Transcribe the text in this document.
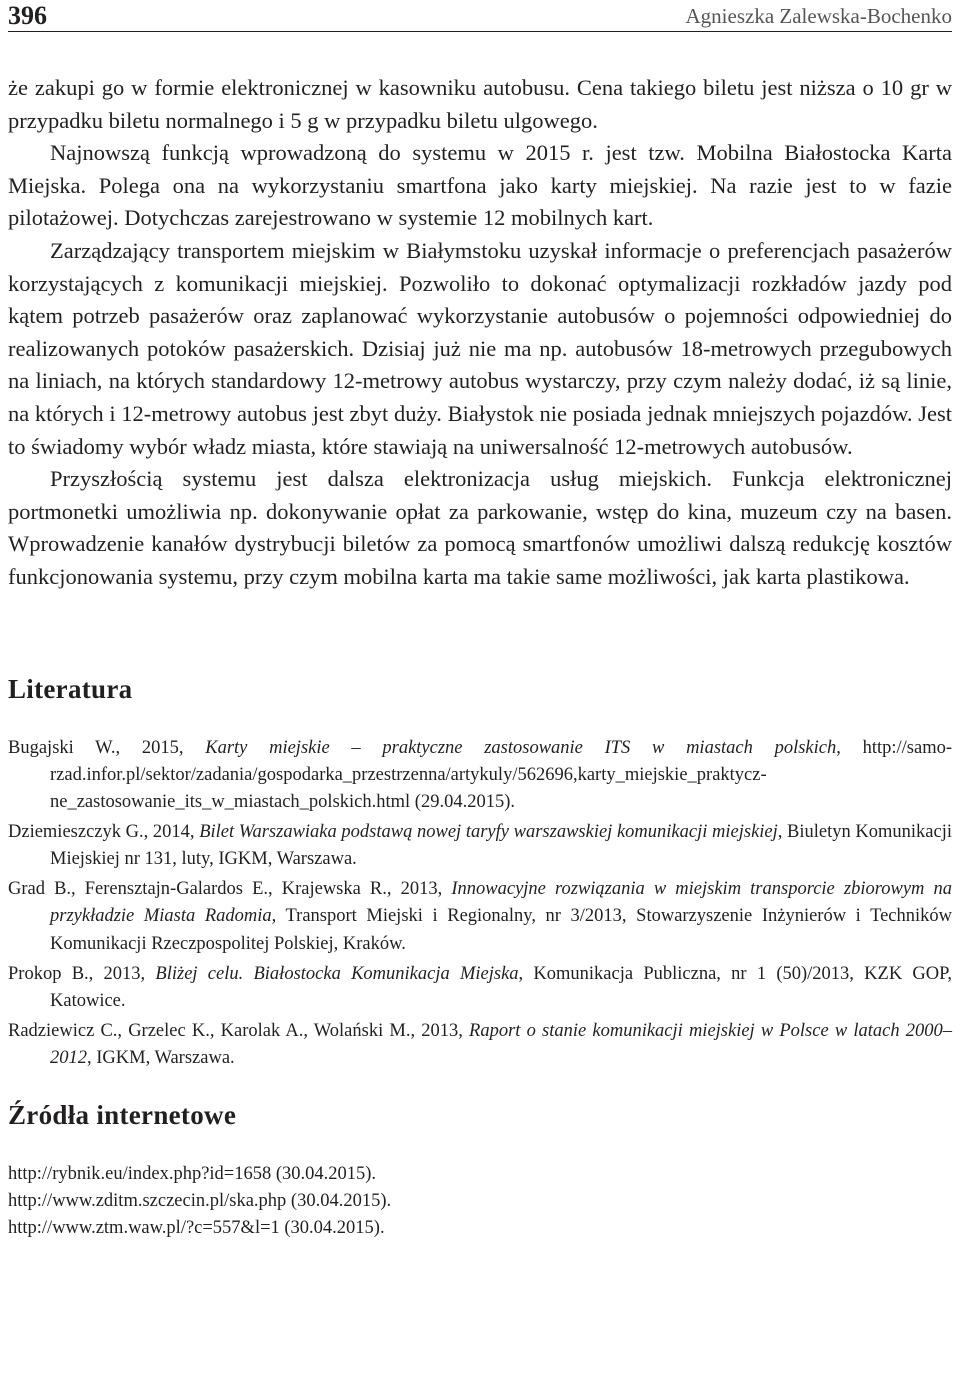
396	Agnieszka Zalewska-Bochenko

że zakupi go w formie elektronicznej w kasowniku autobusu. Cena takiego biletu jest niższa o 10 gr w przypadku biletu normalnego i 5 g w przypadku biletu ulgowego.

Najnowszą funkcją wprowadzoną do systemu w 2015 r. jest tzw. Mobilna Białostocka Karta Miejska. Polega ona na wykorzystaniu smartfona jako karty miejskiej. Na razie jest to w fazie pilotażowej. Dotychczas zarejestrowano w systemie 12 mobilnych kart.

Zarządzający transportem miejskim w Białymstoku uzyskał informacje o preferencjach pasażerów korzystających z komunikacji miejskiej. Pozwoliło to dokonać optymalizacji rozkładów jazdy pod kątem potrzeb pasażerów oraz zaplanować wykorzystanie autobusów o pojemności odpowiedniej do realizowanych potoków pasażerskich. Dzisiaj już nie ma np. autobusów 18-metrowych przegubowych na liniach, na których standardowy 12-metrowy autobus wystarczy, przy czym należy dodać, iż są linie, na których i 12-metrowy autobus jest zbyt duży. Białystok nie posiada jednak mniejszych pojazdów. Jest to świadomy wybór władz miasta, które stawiają na uniwersalność 12-metrowych autobusów.

Przyszłością systemu jest dalsza elektronizacja usług miejskich. Funkcja elektronicznej portmonetki umożliwia np. dokonywanie opłat za parkowanie, wstęp do kina, muzeum czy na basen. Wprowadzenie kanałów dystrybucji biletów za pomocą smartfonów umożliwi dalszą redukcję kosztów funkcjonowania systemu, przy czym mobilna karta ma takie same możliwości, jak karta plastikowa.

Literatura

Bugajski W., 2015, Karty miejskie – praktyczne zastosowanie ITS w miastach polskich, http://samorzad.infor.pl/sektor/zadania/gospodarka_przestrzenna/artykuly/562696,karty_miejskie_praktyczne_zastosowanie_its_w_miastach_polskich.html (29.04.2015).

Dziemieszczyk G., 2014, Bilet Warszawiaka podstawą nowej taryfy warszawskiej komunikacji miejskiej, Biuletyn Komunikacji Miejskiej nr 131, luty, IGKM, Warszawa.

Grad B., Ferensztajn-Galardos E., Krajewska R., 2013, Innowacyjne rozwiązania w miejskim transporcie zbiorowym na przykładzie Miasta Radomia, Transport Miejski i Regionalny, nr 3/2013, Stowarzyszenie Inżynierów i Techników Komunikacji Rzeczpospolitej Polskiej, Kraków.

Prokop B., 2013, Bliżej celu. Białostocka Komunikacja Miejska, Komunikacja Publiczna, nr 1 (50)/2013, KZK GOP, Katowice.

Radziewicz C., Grzelec K., Karolak A., Wolański M., 2013, Raport o stanie komunikacji miejskiej w Polsce w latach 2000–2012, IGKM, Warszawa.

Źródła internetowe

http://rybnik.eu/index.php?id=1658 (30.04.2015).

http://www.zditm.szczecin.pl/ska.php (30.04.2015).

http://www.ztm.waw.pl/?c=557&l=1 (30.04.2015).
